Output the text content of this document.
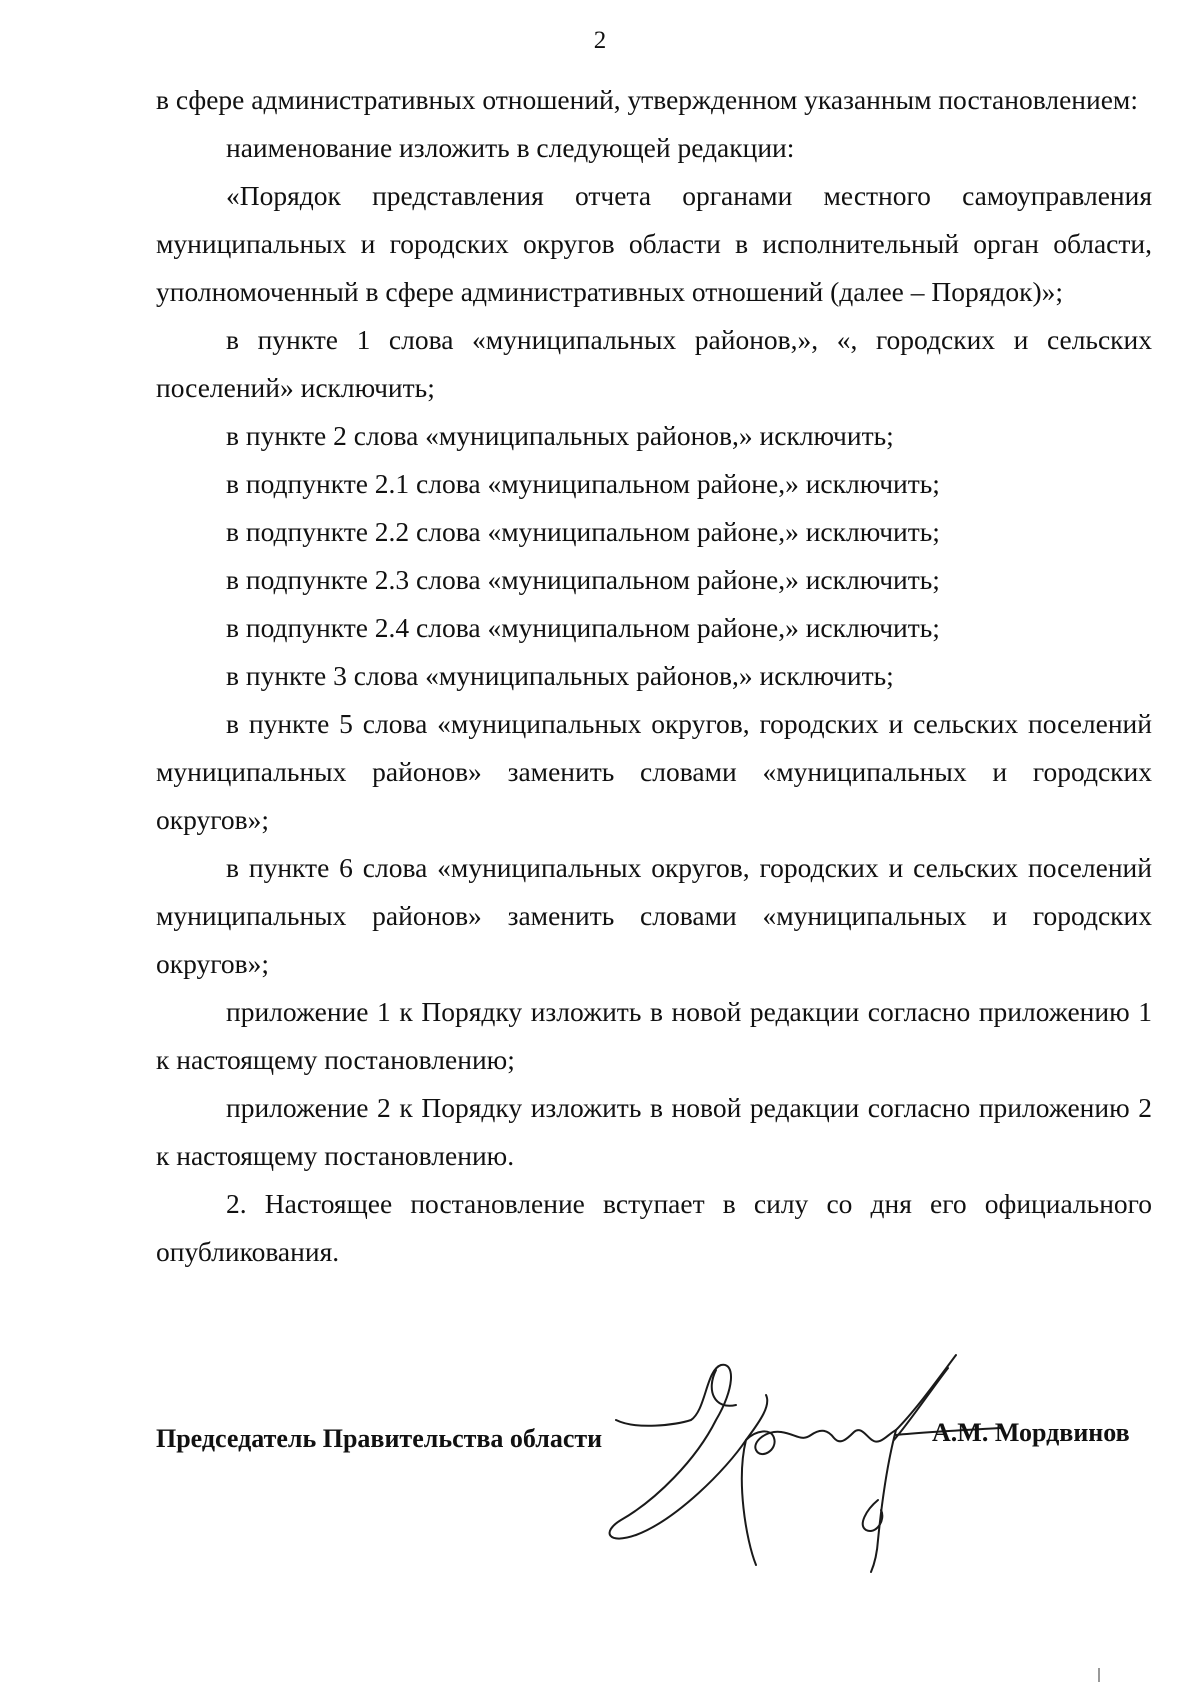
2

в сфере административных отношений, утвержденном указанным постановлением:

наименование изложить в следующей редакции:

«Порядок представления отчета органами местного самоуправления муниципальных и городских округов области в исполнительный орган области, уполномоченный в сфере административных отношений (далее – Порядок)»;

в пункте 1 слова «муниципальных районов,», «, городских и сельских поселений» исключить;

в пункте 2 слова «муниципальных районов,» исключить;

в подпункте 2.1 слова «муниципальном районе,» исключить;

в подпункте 2.2 слова «муниципальном районе,» исключить;

в подпункте 2.3 слова «муниципальном районе,» исключить;

в подпункте 2.4 слова «муниципальном районе,» исключить;

в пункте 3 слова «муниципальных районов,» исключить;

в пункте 5 слова «муниципальных округов, городских и сельских поселений муниципальных районов» заменить словами «муниципальных и городских округов»;

в пункте 6 слова «муниципальных округов, городских и сельских поселений муниципальных районов» заменить словами «муниципальных и городских округов»;

приложение 1 к Порядку изложить в новой редакции согласно приложению 1 к настоящему постановлению;

приложение 2 к Порядку изложить в новой редакции согласно приложению 2 к настоящему постановлению.

2. Настоящее постановление вступает в силу со дня его официального опубликования.

Председатель Правительства области	А.М. Мордвинов
